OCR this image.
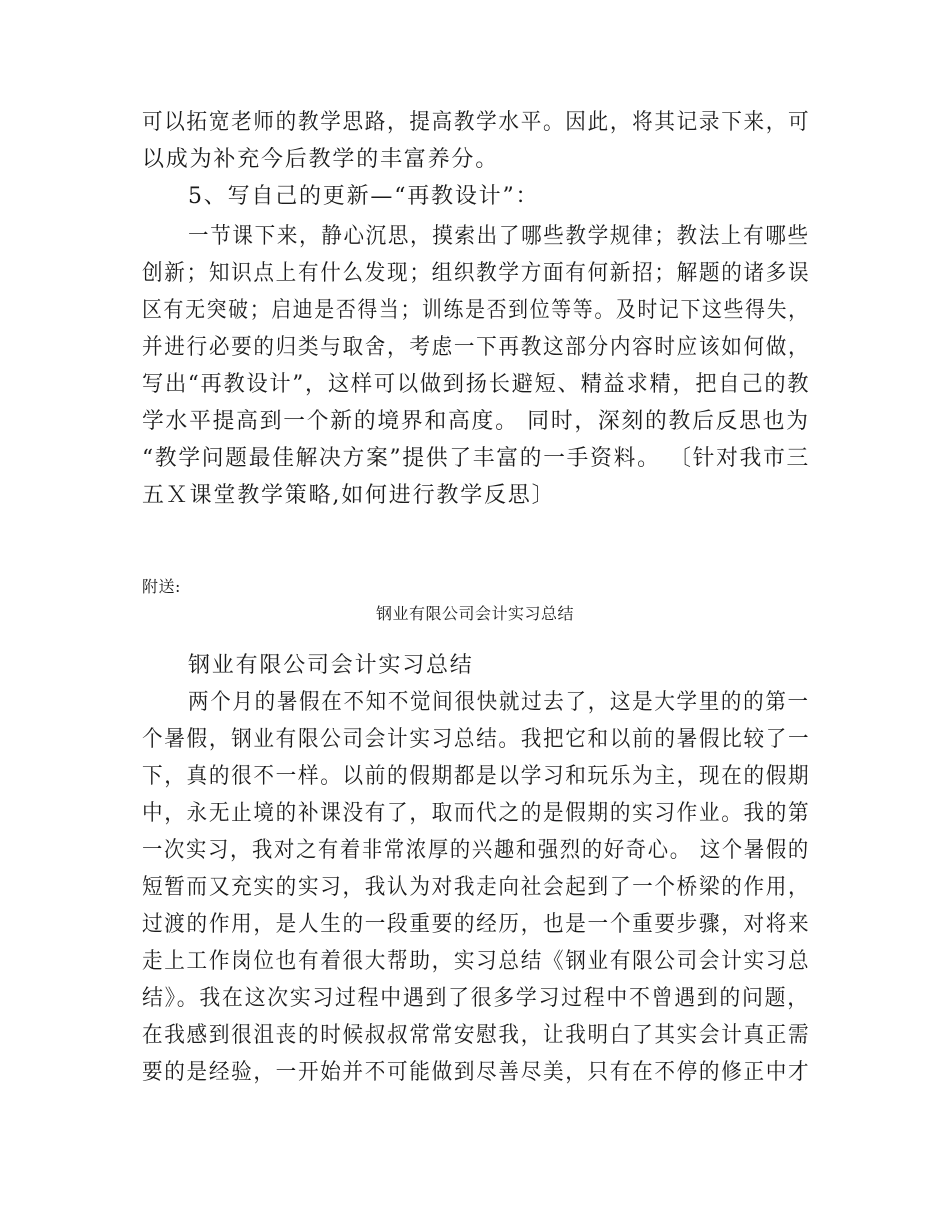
可以拓宽老师的教学思路，提高教学水平。因此，将其记录下来，可
以成为补充今后教学的丰富养分。
5、写自己的更新—“再教设计”：
一节课下来，静心沉思，摸索出了哪些教学规律；教法上有哪些
创新；知识点上有什么发现；组织教学方面有何新招；解题的诸多误
区有无突破；启迪是否得当；训练是否到位等等。及时记下这些得失，
并进行必要的归类与取舍，考虑一下再教这部分内容时应该如何做，
写出“再教设计”，这样可以做到扬长避短、精益求精，把自己的教
学水平提高到一个新的境界和高度。 同时，深刻的教后反思也为
“教学问题最佳解决方案”提供了丰富的一手资料。 〔针对我市三
五Ｘ课堂教学策略,如何进行教学反思〕
附送:
钢业有限公司会计实习总结
钢业有限公司会计实习总结
两个月的暑假在不知不觉间很快就过去了，这是大学里的的第一
个暑假，钢业有限公司会计实习总结。我把它和以前的暑假比较了一
下，真的很不一样。以前的假期都是以学习和玩乐为主，现在的假期
中，永无止境的补课没有了，取而代之的是假期的实习作业。我的第
一次实习，我对之有着非常浓厚的兴趣和强烈的好奇心。 这个暑假的
短暂而又充实的实习，我认为对我走向社会起到了一个桥梁的作用，
过渡的作用，是人生的一段重要的经历，也是一个重要步骤，对将来
走上工作岗位也有着很大帮助，实习总结《钢业有限公司会计实习总
结》。我在这次实习过程中遇到了很多学习过程中不曾遇到的问题，
在我感到很沮丧的时候叔叔常常安慰我，让我明白了其实会计真正需
要的是经验，一开始并不可能做到尽善尽美，只有在不停的修正中才
